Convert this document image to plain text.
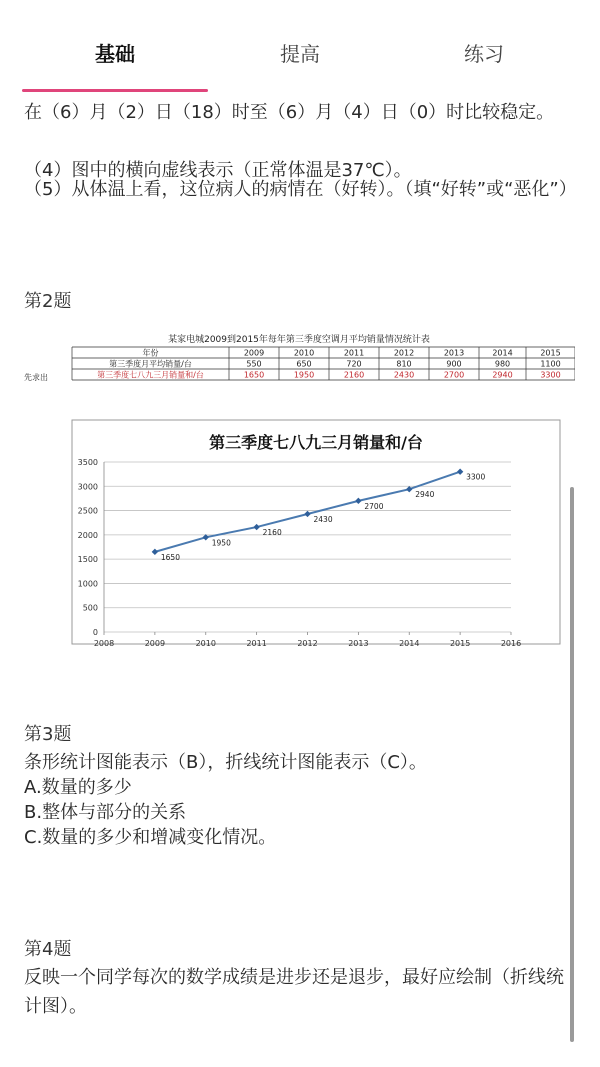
在（6）月（2）日（18）时至（6）月（4）日（0）时比较稳定。
（4）图中的横向虚线表示（正常体温是37℃）。
（5）从体温上看，这位病人的病情在（好转）。（填“好转”或“恶化”）
第2题
某家电城2009到2015年每年第三季度空调月平均销量情况统计表
年份	2009	2010	2011	2012	2013	2014	2015
第三季度月平均销量/台	550	650	720	810	900	980	1100
第三季度七八九三月销量和/台	1650	1950	2160	2430	2700	2940	3300
先求出
第三季度七八九三月销量和/台
0
500
1000
1500
2000
2500
3000
3500
2008	2009	2010	2011	2012	2013	2014	2015	2016
1650
1950
2160
2430
2700
2940
3300
第3题
条形统计图能表示（B），折线统计图能表示（C）。
A.数量的多少
B.整体与部分的关系
C.数量的多少和增减变化情况。
第4题
反映一个同学每次的数学成绩是进步还是退步，最好应绘制（折线统计图）。
基础	提高	练习
